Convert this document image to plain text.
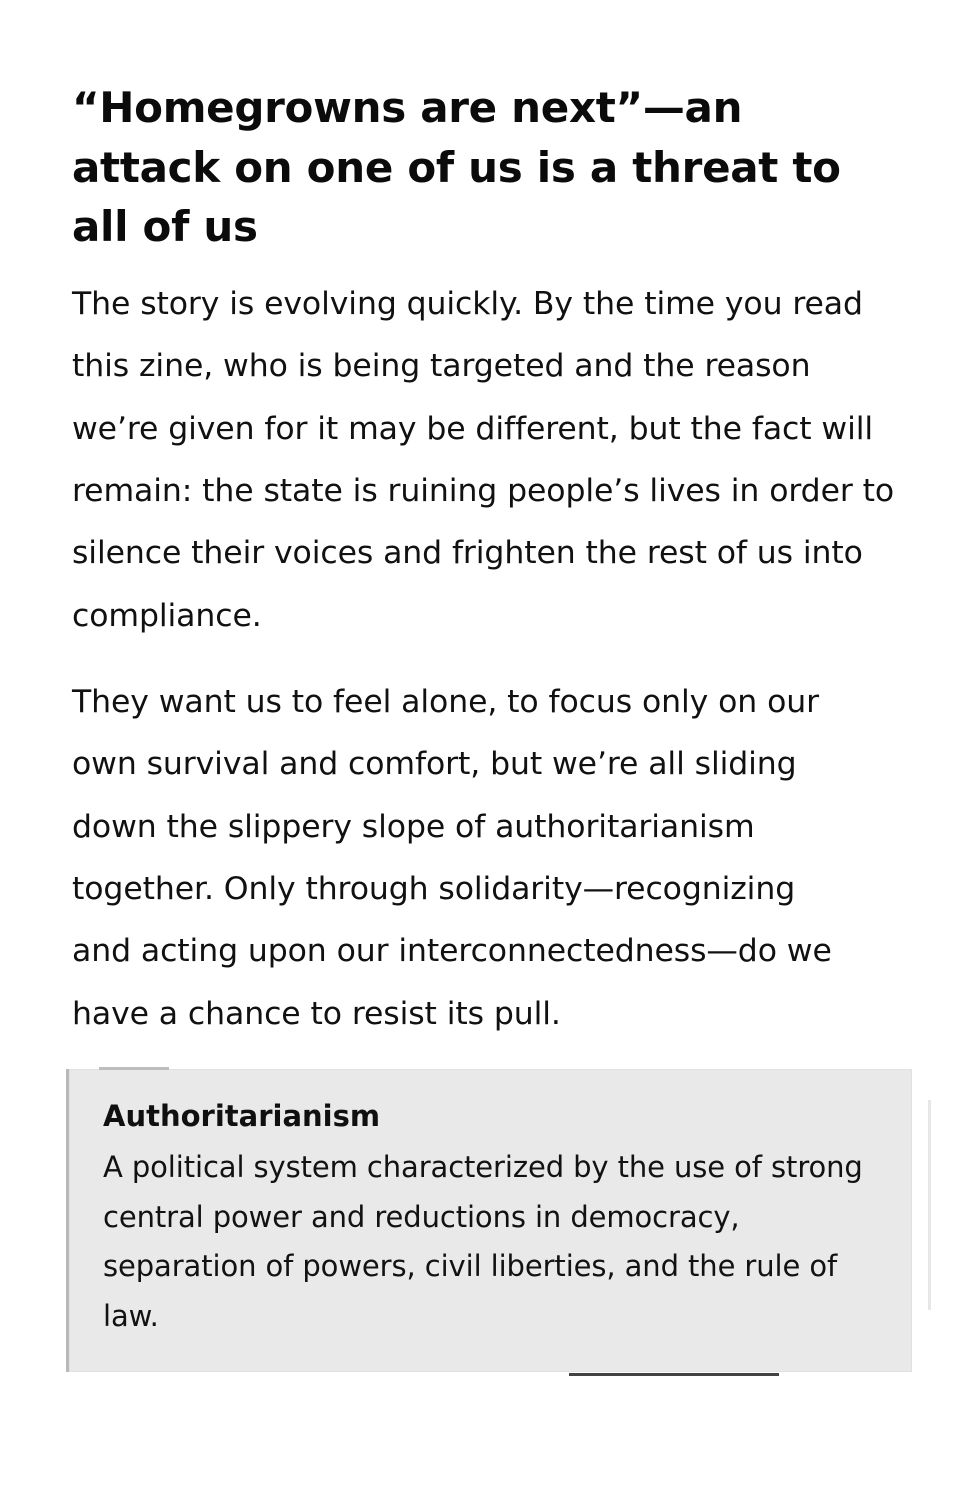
“Homegrowns are next”—an attack on one of us is a threat to all of us

The story is evolving quickly. By the time you read this zine, who is being targeted and the reason we’re given for it may be different, but the fact will remain: the state is ruining people’s lives in order to silence their voices and frighten the rest of us into compliance.

They want us to feel alone, to focus only on our own survival and comfort, but we’re all sliding down the slippery slope of authoritarianism together. Only through solidarity—recognizing and acting upon our interconnectedness—do we have a chance to resist its pull.

Authoritarianism
A political system characterized by the use of strong central power and reductions in democracy, separation of powers, civil liberties, and the rule of law.
